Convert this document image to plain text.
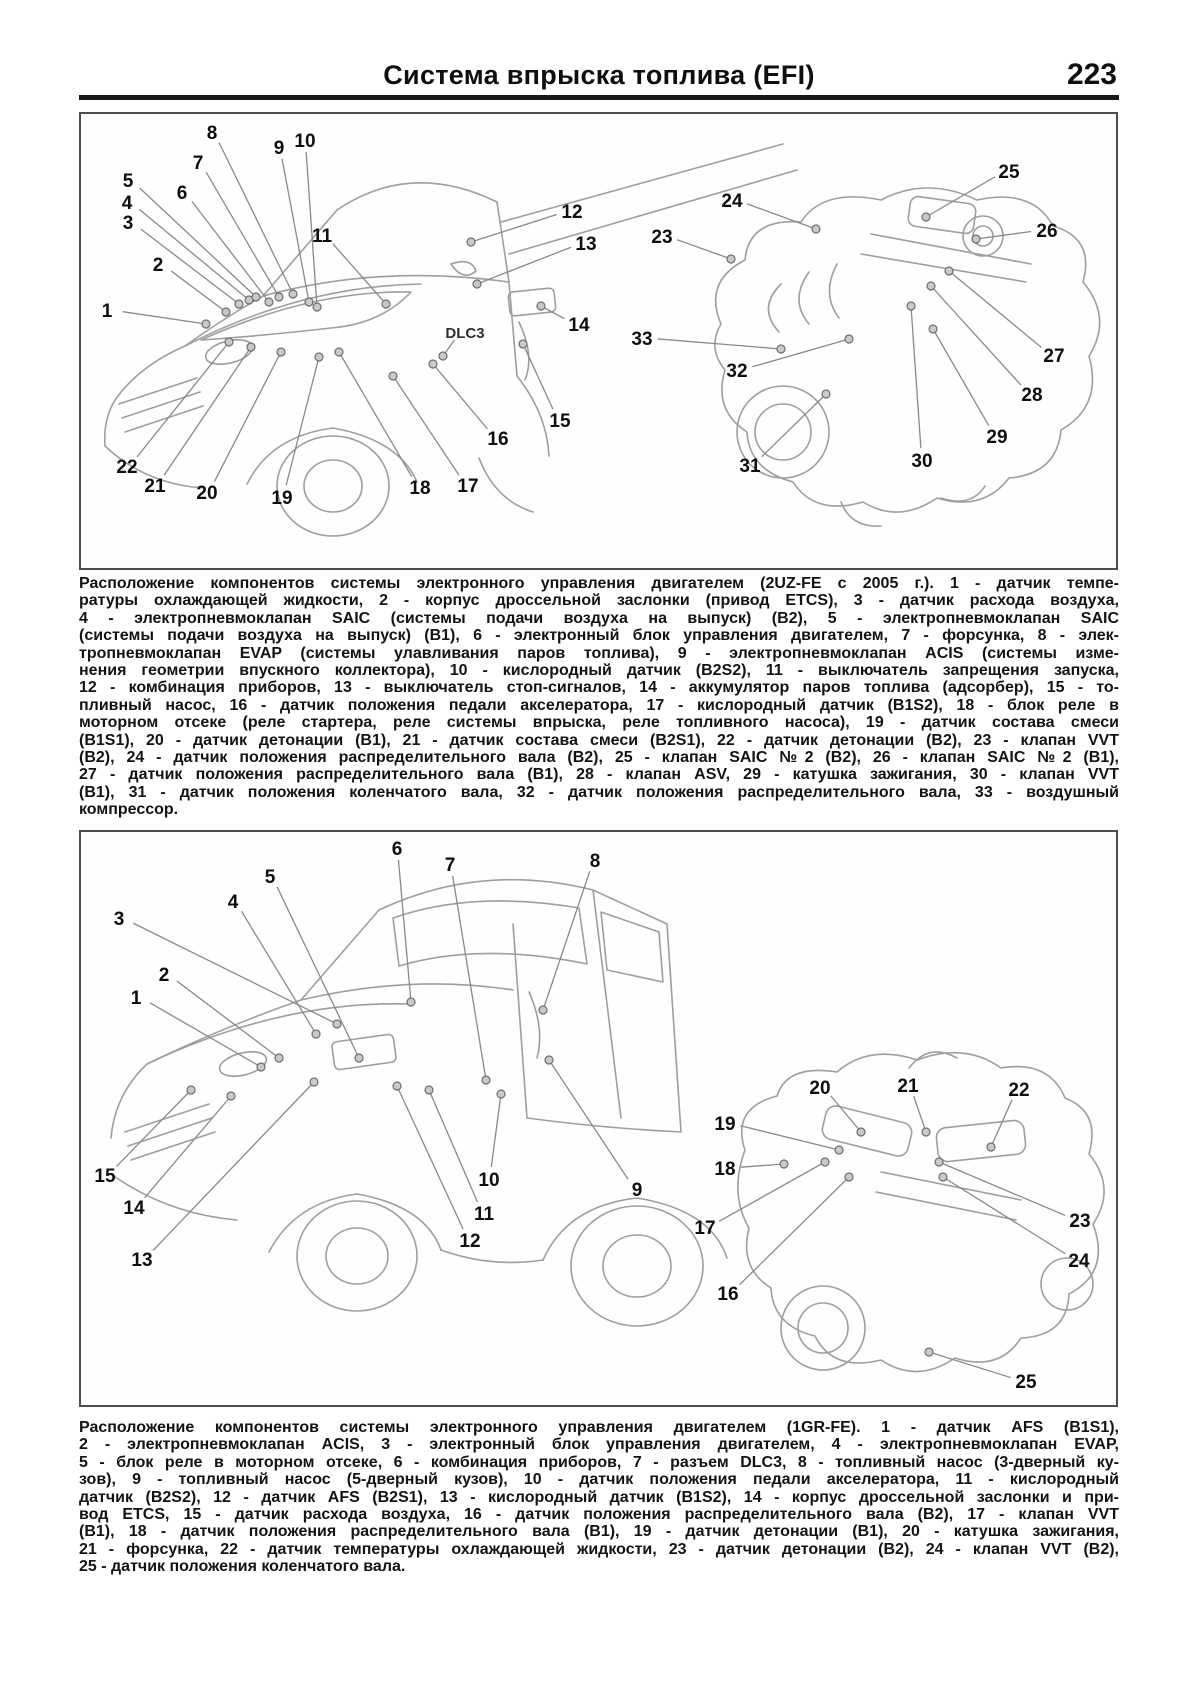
Система впрыска топлива (EFI)	223
1
2
3
4
5
6
7
8
9 10
11
12
13
14
15
16
17
18
19
20
21
22
23
24
25
26
27
28
29
30
31
32
33
DLC3
Расположение компонентов системы электронного управления двигателем (2UZ-FE с 2005 г.). 1 - датчик темпе-
ратуры охлаждающей жидкости, 2 - корпус дроссельной заслонки (привод ETCS), 3 - датчик расхода воздуха,
4 - электропневмоклапан SAIC (системы подачи воздуха на выпуск) (B2), 5 - электропневмоклапан SAIC
(системы подачи воздуха на выпуск) (B1), 6 - электронный блок управления двигателем, 7 - форсунка, 8 - элек-
тропневмоклапан EVAP (системы улавливания паров топлива), 9 - электропневмоклапан ACIS (системы изме-
нения геометрии впускного коллектора), 10 - кислородный датчик (B2S2), 11 - выключатель запрещения запуска,
12 - комбинация приборов, 13 - выключатель стоп-сигналов, 14 - аккумулятор паров топлива (адсорбер), 15 - то-
пливный насос, 16 - датчик положения педали акселератора, 17 - кислородный датчик (B1S2), 18 - блок реле в
моторном отсеке (реле стартера, реле системы впрыска, реле топливного насоса), 19 - датчик состава смеси
(B1S1), 20 - датчик детонации (B1), 21 - датчик состава смеси (B2S1), 22 - датчик детонации (B2), 23 - клапан VVT
(B2), 24 - датчик положения распределительного вала (B2), 25 - клапан SAIC №2 (B2), 26 - клапан SAIC №2 (B1),
27 - датчик положения распределительного вала (B1), 28 - клапан ASV, 29 - катушка зажигания, 30 - клапан VVT
(B1), 31 - датчик положения коленчатого вала, 32 - датчик положения распределительного вала, 33 - воздушный
компрессор.
1
2
3
4
5
6
7	8
9
10
11
12
13
14
15
16
17
18
19
20	21	22
23
24
25
Расположение компонентов системы электронного управления двигателем (1GR-FE). 1 - датчик AFS (B1S1),
2 - электропневмоклапан ACIS, 3 - электронный блок управления двигателем, 4 - электропневмоклапан EVAP,
5 - блок реле в моторном отсеке, 6 - комбинация приборов, 7 - разъем DLC3, 8 - топливный насос (3-дверный ку-
зов), 9 - топливный насос (5-дверный кузов), 10 - датчик положения педали акселератора, 11 - кислородный
датчик (B2S2), 12 - датчик AFS (B2S1), 13 - кислородный датчик (B1S2), 14 - корпус дроссельной заслонки и при-
вод ETCS, 15 - датчик расхода воздуха, 16 - датчик положения распределительного вала (B2), 17 - клапан VVT
(B1), 18 - датчик положения распределительного вала (B1), 19 - датчик детонации (B1), 20 - катушка зажигания,
21 - форсунка, 22 - датчик температуры охлаждающей жидкости, 23 - датчик детонации (B2), 24 - клапан VVT (B2),
25 - датчик положения коленчатого вала.
